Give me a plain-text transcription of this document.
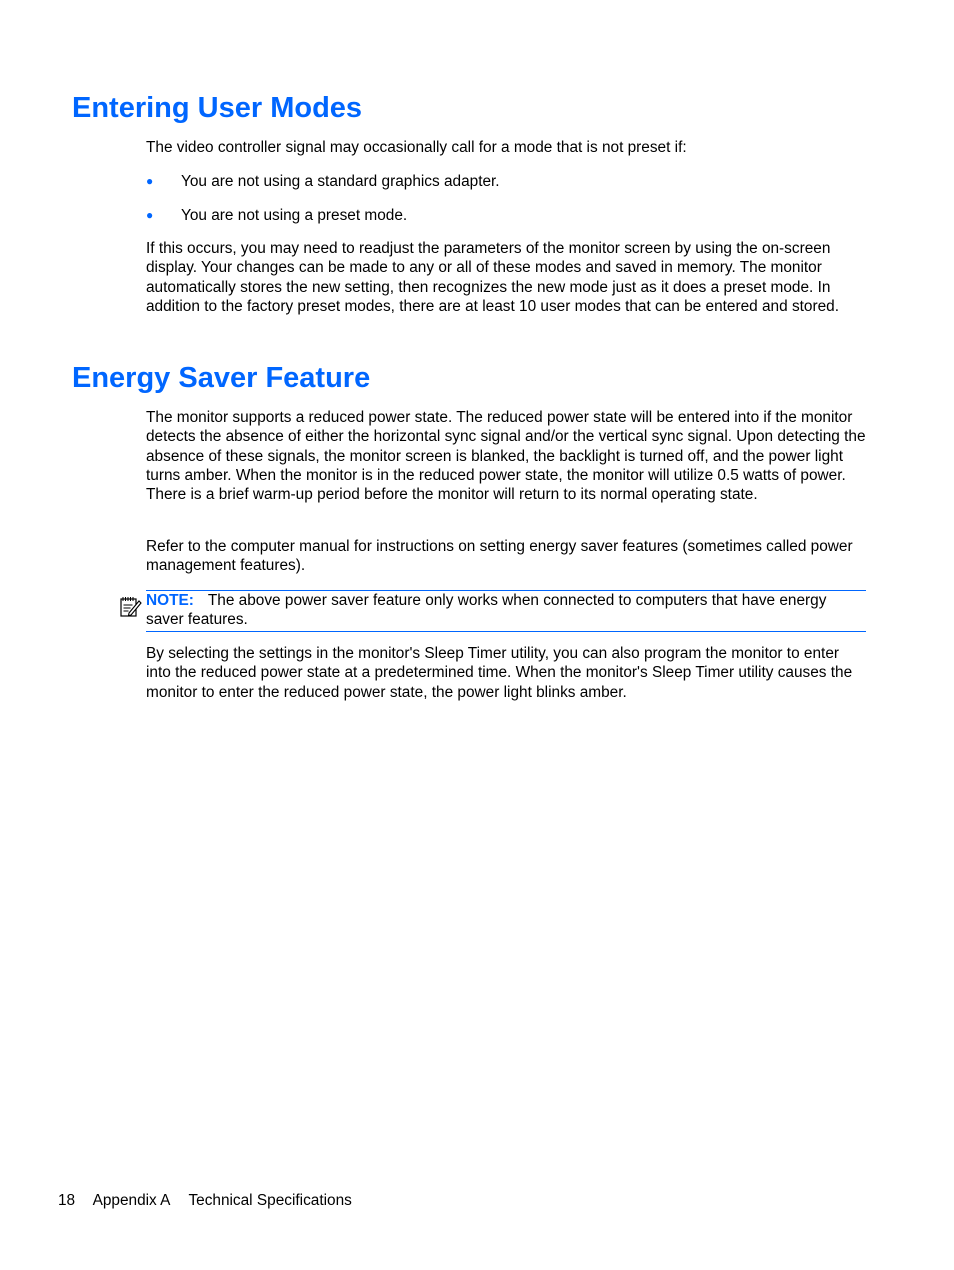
Entering User Modes

The video controller signal may occasionally call for a mode that is not preset if:

● You are not using a standard graphics adapter.
● You are not using a preset mode.

If this occurs, you may need to readjust the parameters of the monitor screen by using the on-screen display. Your changes can be made to any or all of these modes and saved in memory. The monitor automatically stores the new setting, then recognizes the new mode just as it does a preset mode. In addition to the factory preset modes, there are at least 10 user modes that can be entered and stored.

Energy Saver Feature

The monitor supports a reduced power state. The reduced power state will be entered into if the monitor detects the absence of either the horizontal sync signal and/or the vertical sync signal. Upon detecting the absence of these signals, the monitor screen is blanked, the backlight is turned off, and the power light turns amber. When the monitor is in the reduced power state, the monitor will utilize 0.5 watts of power. There is a brief warm-up period before the monitor will return to its normal operating state.

Refer to the computer manual for instructions on setting energy saver features (sometimes called power management features).

NOTE: The above power saver feature only works when connected to computers that have energy saver features.

By selecting the settings in the monitor's Sleep Timer utility, you can also program the monitor to enter into the reduced power state at a predetermined time. When the monitor's Sleep Timer utility causes the monitor to enter the reduced power state, the power light blinks amber.

18 Appendix A Technical Specifications
